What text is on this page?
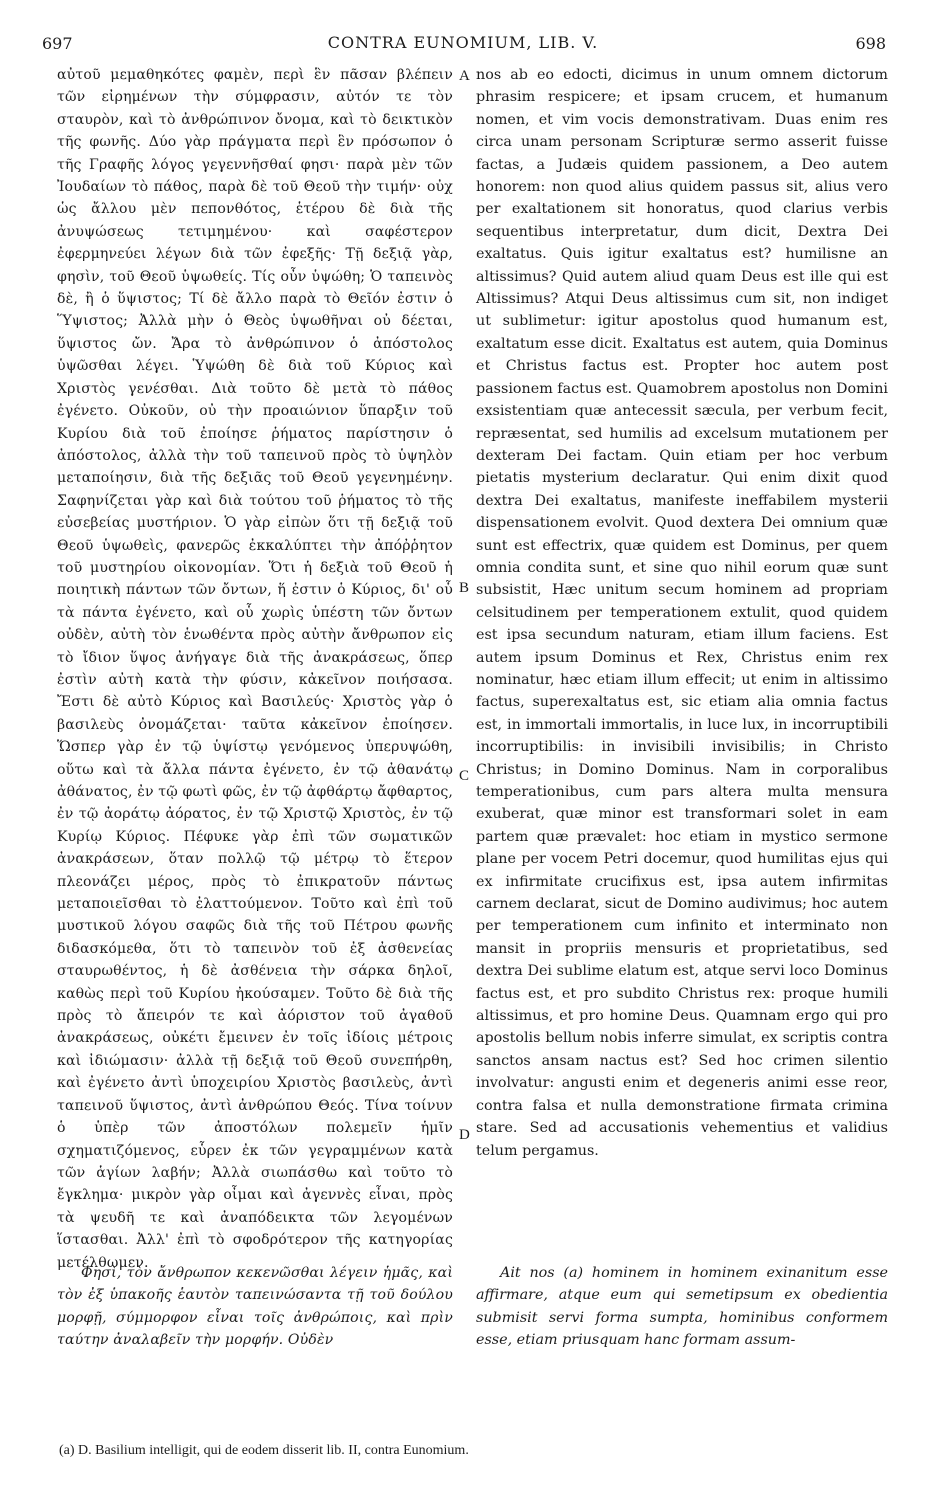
697	CONTRA EUNOMIUM, LIB. V.	698

αὐτοῦ μεμαθηκότες φαμὲν, περὶ ἓν πᾶσαν βλέπειν τῶν εἰρημένων τὴν σύμφρασιν, αὐτόν τε τὸν σταυρὸν, καὶ τὸ ἀνθρώπινον ὄνομα, καὶ τὸ δεικτικὸν τῆς φωνῆς. Δύο γὰρ πράγματα περὶ ἓν πρόσωπον ὁ τῆς Γραφῆς λόγος γεγεννῆσθαί φησι· παρὰ μὲν τῶν Ἰουδαίων τὸ πάθος, παρὰ δὲ τοῦ Θεοῦ τὴν τιμήν· οὐχ ὡς ἄλλου μὲν πεπονθότος, ἑτέρου δὲ διὰ τῆς ἀνυψώσεως τετιμημένου· καὶ σαφέστερον ἐφερμηνεύει λέγων διὰ τῶν ἐφεξῆς· Τῇ δεξιᾷ γὰρ, φησὶν, τοῦ Θεοῦ ὑψωθείς. Τίς οὖν ὑψώθη; Ὁ ταπεινὸς δὲ, ἢ ὁ ὕψιστος; Τί δὲ ἄλλο παρὰ τὸ Θεῖόν ἐστιν ὁ Ὕψιστος; Ἀλλὰ μὴν ὁ Θεὸς ὑψωθῆναι οὐ δέεται, ὕψιστος ὤν. Ἄρα τὸ ἀνθρώπινον ὁ ἀπόστολος ὑψῶσθαι λέγει. Ὑψώθη δὲ διὰ τοῦ Κύριος καὶ Χριστὸς γενέσθαι. Διὰ τοῦτο δὲ μετὰ τὸ πάθος ἐγένετο. Οὐκοῦν, οὐ τὴν προαιώνιον ὕπαρξιν τοῦ Κυρίου διὰ τοῦ ἐποίησε ῥήματος παρίστησιν ὁ ἀπόστολος, ἀλλὰ τὴν τοῦ ταπεινοῦ πρὸς τὸ ὑψηλὸν μεταποίησιν, διὰ τῆς δεξιᾶς τοῦ Θεοῦ γεγενημένην. Σαφηνίζεται γὰρ καὶ διὰ τούτου τοῦ ῥήματος τὸ τῆς εὐσεβείας μυστήριον. Ὁ γὰρ εἰπὼν ὅτι τῇ δεξιᾷ τοῦ Θεοῦ ὑψωθεὶς, φανερῶς ἐκκαλύπτει τὴν ἀπόῤῥητον τοῦ μυστηρίου οἰκονομίαν. Ὅτι ἡ δεξιὰ τοῦ Θεοῦ ἡ ποιητικὴ πάντων τῶν ὄντων, ἥ ἐστιν ὁ Κύριος, δι' οὗ τὰ πάντα ἐγένετο, καὶ οὗ χωρὶς ὑπέστη τῶν ὄντων οὐδὲν, αὐτὴ τὸν ἑνωθέντα πρὸς αὐτὴν ἄνθρωπον εἰς τὸ ἴδιον ὕψος ἀνήγαγε διὰ τῆς ἀνακράσεως, ὅπερ ἐστὶν αὐτὴ κατὰ τὴν φύσιν, κἀκεῖνον ποιήσασα. Ἔστι δὲ αὐτὸ Κύριος καὶ Βασιλεύς· Χριστὸς γὰρ ὁ βασιλεὺς ὀνομάζεται· ταῦτα κἀκεῖνον ἐποίησεν. Ὥσπερ γὰρ ἐν τῷ ὑψίστῳ γενόμενος ὑπερυψώθη, οὕτω καὶ τὰ ἄλλα πάντα ἐγένετο, ἐν τῷ ἀθανάτῳ ἀθάνατος, ἐν τῷ φωτὶ φῶς, ἐν τῷ ἀφθάρτῳ ἄφθαρτος, ἐν τῷ ἀοράτῳ ἀόρατος, ἐν τῷ Χριστῷ Χριστὸς, ἐν τῷ Κυρίῳ Κύριος. Πέφυκε γὰρ ἐπὶ τῶν σωματικῶν ἀνακράσεων, ὅταν πολλῷ τῷ μέτρῳ τὸ ἕτερον πλεονάζει μέρος, πρὸς τὸ ἐπικρατοῦν πάντως μεταποιεῖσθαι τὸ ἐλαττούμενον. Τοῦτο καὶ ἐπὶ τοῦ μυστικοῦ λόγου σαφῶς διὰ τῆς τοῦ Πέτρου φωνῆς διδασκόμεθα, ὅτι τὸ ταπεινὸν τοῦ ἐξ ἀσθενείας σταυρωθέντος, ἡ δὲ ἀσθένεια τὴν σάρκα δηλοῖ, καθὼς περὶ τοῦ Κυρίου ἠκούσαμεν. Τοῦτο δὲ διὰ τῆς πρὸς τὸ ἄπειρόν τε καὶ ἀόριστον τοῦ ἀγαθοῦ ἀνακράσεως, οὐκέτι ἔμεινεν ἐν τοῖς ἰδίοις μέτροις καὶ ἰδιώμασιν· ἀλλὰ τῇ δεξιᾷ τοῦ Θεοῦ συνεπήρθη, καὶ ἐγένετο ἀντὶ ὑποχειρίου Χριστὸς βασιλεὺς, ἀντὶ ταπεινοῦ ὕψιστος, ἀντὶ ἀνθρώπου Θεός. Τίνα τοίνυν ὁ ὑπὲρ τῶν ἀποστόλων πολεμεῖν ἡμῖν σχηματιζόμενος, εὗρεν ἐκ τῶν γεγραμμένων κατὰ τῶν ἁγίων λαβήν; Ἀλλὰ σιωπάσθω καὶ τοῦτο τὸ ἔγκλημα· μικρὸν γὰρ οἶμαι καὶ ἀγεννὲς εἶναι, πρὸς τὰ ψευδῆ τε καὶ ἀναπόδεικτα τῶν λεγομένων ἵστασθαι. Ἀλλ' ἐπὶ τὸ σφοδρότερον τῆς κατηγορίας μετέλθωμεν.

nos ab eo edocti, dicimus in unum omnem dictorum phrasim respicere; et ipsam crucem, et humanum nomen, et vim vocis demonstrativam. Duas enim res circa unam personam Scripturæ sermo asserit fuisse factas, a Judæis quidem passionem, a Deo autem honorem: non quod alius quidem passus sit, alius vero per exaltationem sit honoratus, quod clarius verbis sequentibus interpretatur, dum dicit, Dextra Dei exaltatus. Quis igitur exaltatus est? humilisne an altissimus? Quid autem aliud quam Deus est ille qui est Altissimus? Atqui Deus altissimus cum sit, non indiget ut sublimetur: igitur apostolus quod humanum est, exaltatum esse dicit. Exaltatus est autem, quia Dominus et Christus factus est. Propter hoc autem post passionem factus est. Quamobrem apostolus non Domini exsistentiam quæ antecessit sæcula, per verbum fecit, repræsentat, sed humilis ad excelsum mutationem per dexteram Dei factam. Quin etiam per hoc verbum pietatis mysterium declaratur. Qui enim dixit quod dextra Dei exaltatus, manifeste ineffabilem mysterii dispensationem evolvit. Quod dextera Dei omnium quæ sunt est effectrix, quæ quidem est Dominus, per quem omnia condita sunt, et sine quo nihil eorum quæ sunt subsistit, Hæc unitum secum hominem ad propriam celsitudinem per temperationem extulit, quod quidem est ipsa secundum naturam, etiam illum faciens. Est autem ipsum Dominus et Rex, Christus enim rex nominatur, hæc etiam illum effecit; ut enim in altissimo factus, superexaltatus est, sic etiam alia omnia factus est, in immortali immortalis, in luce lux, in incorruptibili incorruptibilis: in invisibili invisibilis; in Christo Christus; in Domino Dominus. Nam in corporalibus temperationibus, cum pars altera multa mensura exuberat, quæ minor est transformari solet in eam partem quæ prævalet: hoc etiam in mystico sermone plane per vocem Petri docemur, quod humilitas ejus qui ex infirmitate crucifixus est, ipsa autem infirmitas carnem declarat, sicut de Domino audivimus; hoc autem per temperationem cum infinito et interminato non mansit in propriis mensuris et proprietatibus, sed dextra Dei sublime elatum est, atque servi loco Dominus factus est, et pro subdito Christus rex: proque humili altissimus, et pro homine Deus. Quamnam ergo qui pro apostolis bellum nobis inferre simulat, ex scriptis contra sanctos ansam nactus est? Sed hoc crimen silentio involvatur: angusti enim et degeneris animi esse reor, contra falsa et nulla demonstratione firmata crimina stare. Sed ad accusationis vehementius et validius telum pergamus.

Φησὶ, τὸν ἄνθρωπον κεκενῶσθαι λέγειν ἡμᾶς, καὶ τὸν ἐξ ὑπακοῆς ἑαυτὸν ταπεινώσαντα τῇ τοῦ δούλου μορφῇ, σύμμορφον εἶναι τοῖς ἀνθρώποις, καὶ πρὶν ταύτην ἀναλαβεῖν τὴν μορφήν. Οὐδὲν

Ait nos (a) hominem in hominem exinanitum esse affirmare, atque eum qui semetipsum ex obedientia submisit servi forma sumpta, hominibus conformem esse, etiam priusquam hanc formam assum-

A
B
C
D
(a) D. Basilium intelligit, qui de eodem disserit lib. II, contra Eunomium.
